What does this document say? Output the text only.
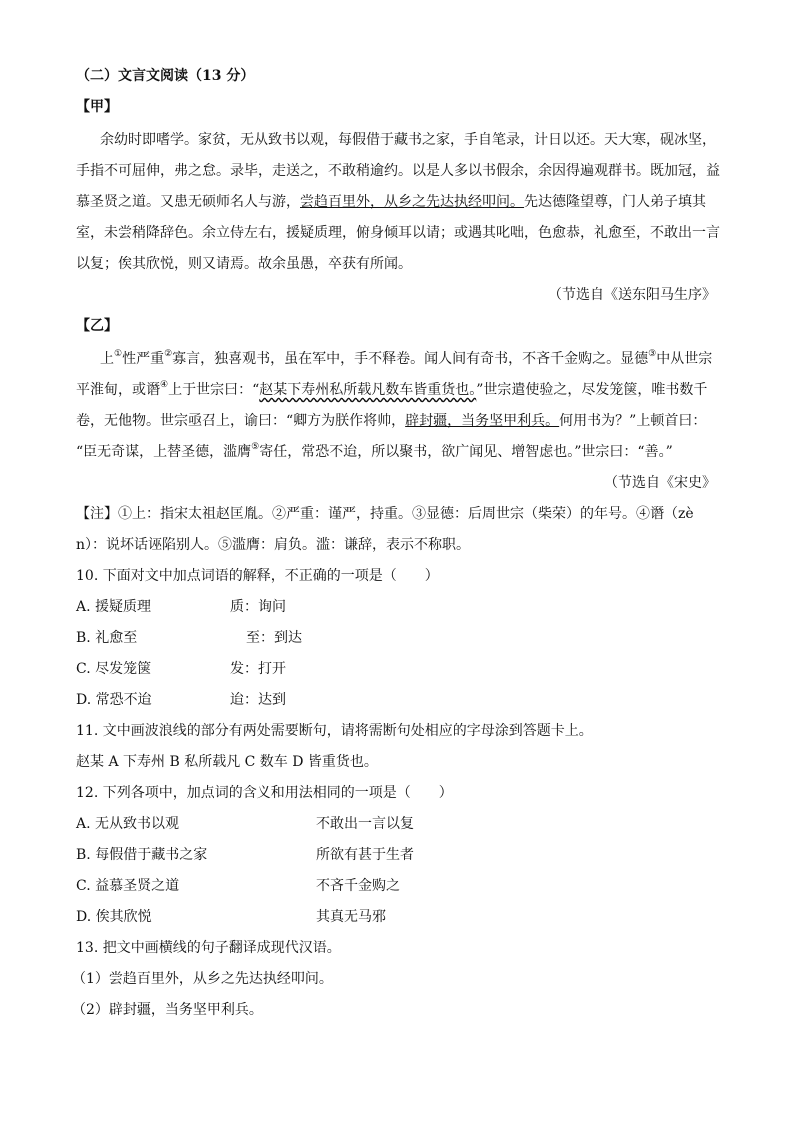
（二）文言文阅读（13 分）
【甲】
余幼时即嗜学。家贫，无从致书以观，每假借于藏书之家，手自笔录，计日以还。天大寒，砚冰坚，
手指不可屈伸，弗之怠。录毕，走送之，不敢稍逾约。以是人多以书假余，余因得遍观群书。既加冠，益
慕圣贤之道。又患无硕师名人与游，尝趋百里外，从乡之先达执经叩问。先达德隆望尊，门人弟子填其
室，未尝稍降辞色。余立侍左右，援疑质理，俯身倾耳以请；或遇其叱咄，色愈恭，礼愈至，不敢出一言
以复；俟其欣悦，则又请焉。故余虽愚，卒获有所闻。
（节选自《送东阳马生序》
【乙】
上①性严重②寡言，独喜观书，虽在军中，手不释卷。闻人间有奇书，不吝千金购之。显德③中从世宗
平淮甸，或谮④上于世宗曰：“赵某下寿州私所载凡数车皆重货也。”世宗遣使验之，尽发笼箧，唯书数千
卷，无他物。世宗亟召上，谕曰：“卿方为朕作将帅，辟封疆，当务坚甲利兵。何用书为？”上顿首曰：
“臣无奇谋，上替圣德，滥膺⑤寄任，常恐不迨，所以聚书，欲广闻见、增智虑也。”世宗曰：“善。”
（节选自《宋史》
【注】①上：指宋太祖赵匡胤。②严重：谨严，持重。③显德：后周世宗（柴荣）的年号。④谮（zè
n）：说坏话诬陷别人。⑤滥膺：肩负。滥：谦辞，表示不称职。
10. 下面对文中加点词语的解释，不正确的一项是（　　）
A. 援疑质理	质：询问
B. 礼愈至	至：到达
C. 尽发笼箧	发：打开
D. 常恐不迨	迨：达到
11. 文中画波浪线的部分有两处需要断句，请将需断句处相应的字母涂到答题卡上。
赵某 A 下寿州 B 私所载凡 C 数车 D 皆重货也。
12. 下列各项中，加点词的含义和用法相同的一项是（　　）
A. 无从致书以观	不敢出一言以复
B. 每假借于藏书之家	所欲有甚于生者
C. 益慕圣贤之道	不吝千金购之
D. 俟其欣悦	其真无马邪
13. 把文中画横线的句子翻译成现代汉语。
（1）尝趋百里外，从乡之先达执经叩问。
（2）辟封疆，当务坚甲利兵。
